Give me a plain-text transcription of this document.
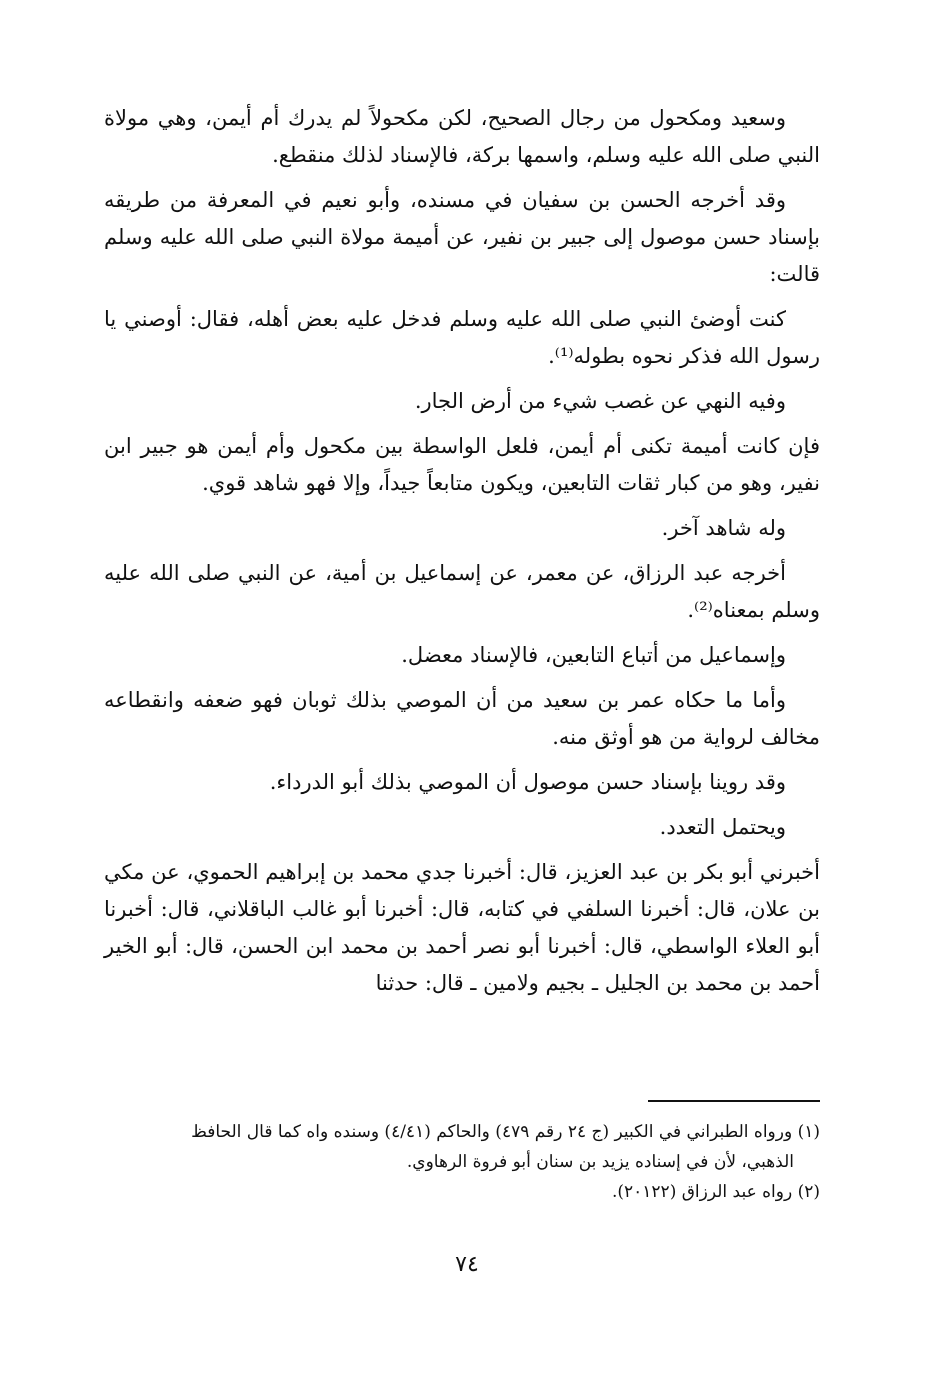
وسعيد ومكحول من رجال الصحيح، لكن مكحولاً لم يدرك أم أيمن، وهي مولاة النبي صلى الله عليه وسلم، واسمها بركة، فالإسناد لذلك منقطع.

وقد أخرجه الحسن بن سفيان في مسنده، وأبو نعيم في المعرفة من طريقه بإسناد حسن موصول إلى جبير بن نفير، عن أميمة مولاة النبي صلى الله عليه وسلم قالت:

كنت أوضئ النبي صلى الله عليه وسلم فدخل عليه بعض أهله، فقال: أوصني يا رسول الله فذكر نحوه بطوله⁽¹⁾.

وفيه النهي عن غصب شيء من أرض الجار.

فإن كانت أميمة تكنى أم أيمن، فلعل الواسطة بين مكحول وأم أيمن هو جبير ابن نفير، وهو من كبار ثقات التابعين، ويكون متابعاً جيداً، وإلا فهو شاهد قوي.

وله شاهد آخر.

أخرجه عبد الرزاق، عن معمر، عن إسماعيل بن أمية، عن النبي صلى الله عليه وسلم بمعناه⁽²⁾.

وإسماعيل من أتباع التابعين، فالإسناد معضل.

وأما ما حكاه عمر بن سعيد من أن الموصي بذلك ثوبان فهو ضعفه وانقطاعه مخالف لرواية من هو أوثق منه.

وقد روينا بإسناد حسن موصول أن الموصي بذلك أبو الدرداء.

ويحتمل التعدد.

أخبرني أبو بكر بن عبد العزيز، قال: أخبرنا جدي محمد بن إبراهيم الحموي، عن مكي بن علان، قال: أخبرنا السلفي في كتابه، قال: أخبرنا أبو غالب الباقلاني، قال: أخبرنا أبو العلاء الواسطي، قال: أخبرنا أبو نصر أحمد بن محمد ابن الحسن، قال: أبو الخير أحمد بن محمد بن الجليل ـ بجيم ولامين ـ قال: حدثنا

(١) ورواه الطبراني في الكبير (ج ٢٤ رقم ٤٧٩) والحاكم (٤/٤١) وسنده واه كما قال الحافظ

الذهبي، لأن في إسناده يزيد بن سنان أبو فروة الرهاوي.

(٢) رواه عبد الرزاق (٢٠١٢٢).

٧٤
